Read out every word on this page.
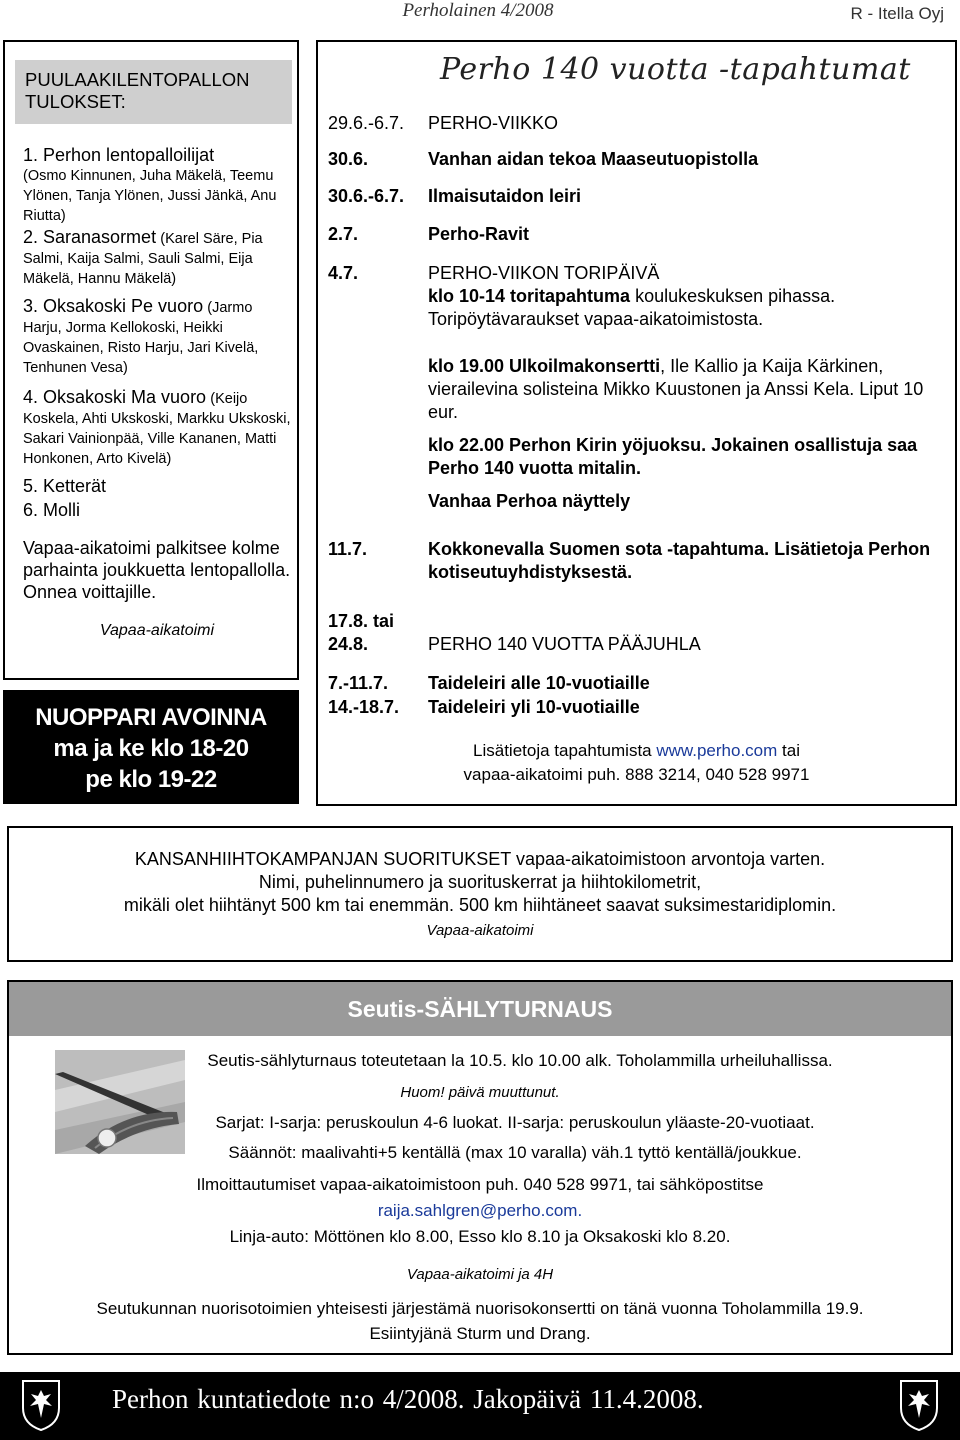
Perholainen 4/2008	R - Itella Oyj
PUULAAKILENTOPALLON TULOKSET:

1. Perhon lentopalloilijat
(Osmo Kinnunen, Juha Mäkelä, Teemu Ylönen, Tanja Ylönen, Jussi Jänkä, Anu Riutta)

2. Saranasormet (Karel Säre, Pia Salmi, Kaija Salmi, Sauli Salmi, Eija Mäkelä, Hannu Mäkelä)

3. Oksakoski Pe vuoro (Jarmo Harju, Jorma Kellokoski, Heikki Ovaskainen, Risto Harju, Jari Kivelä, Tenhunen Vesa)

4. Oksakoski Ma vuoro (Keijo Koskela, Ahti Ukskoski, Markku Ukskoski, Sakari Vainionpää, Ville Kananen, Matti Honkonen, Arto Kivelä)

5. Ketterät

6. Molli

Vapaa-aikatoimi palkitsee kolme parhainta joukkuetta lentopallolla. Onnea voittajille.

Vapaa-aikatoimi

NUOPPARI AVOINNA
ma ja ke klo 18-20
pe klo 19-22
Perho 140 vuotta -tapahtumat
29.6.-6.7.	PERHO-VIIKKO
30.6.	Vanhan aidan tekoa Maaseutuopistolla
30.6.-6.7.	Ilmaisutaidon leiri
2.7.	Perho-Ravit
4.7.	PERHO-VIIKON TORIPÄIVÄ
klo 10-14 toritapahtuma koulukeskuksen pihassa.
Toripöytävaraukset vapaa-aikatoimistosta.
klo 19.00 Ulkoilmakonsertti, Ile Kallio ja Kaija Kärkinen, vierailevina solisteina Mikko Kuustonen ja Anssi Kela. Liput 10 eur.
klo 22.00 Perhon Kirin yöjuoksu. Jokainen osallistuja saa Perho 140 vuotta mitalin.
Vanhaa Perhoa näyttely
11.7.	Kokkonevalla Suomen sota -tapahtuma. Lisätietoja Perhon kotiseutuyhdistyksestä.
17.8. tai
24.8.	PERHO 140 VUOTTA PÄÄJUHLA
7.-11.7.	Taideleiri alle 10-vuotiaille
14.-18.7.	Taideleiri yli 10-vuotiaille
Lisätietoja tapahtumista www.perho.com tai
vapaa-aikatoimi puh. 888 3214, 040 528 9971
KANSANHIIHTOKAMPANJAN SUORITUKSET vapaa-aikatoimistoon arvontoja varten.
Nimi, puhelinnumero ja suorituskerrat ja hiihtokilometrit,
mikäli olet hiihtänyt 500 km tai enemmän. 500 km hiihtäneet saavat suksimestaridiplomin.
Vapaa-aikatoimi
Seutis-SÄHLYTURNAUS
Seutis-sählyturnaus toteutetaan la 10.5. klo 10.00 alk. Toholammilla urheiluhallissa.
Huom! päivä muuttunut.
Sarjat: I-sarja: peruskoulun 4-6 luokat. II-sarja: peruskoulun yläaste-20-vuotiaat.
Säännöt: maalivahti+5 kentällä (max 10 varalla) väh.1 tyttö kentällä/joukkue.
Ilmoittautumiset vapaa-aikatoimistoon puh. 040 528 9971, tai sähköpostitse
raija.sahlgren@perho.com.
Linja-auto: Möttönen klo 8.00, Esso klo 8.10 ja Oksakoski klo 8.20.
Vapaa-aikatoimi ja 4H
Seutukunnan nuorisotoimien yhteisesti järjestämä nuorisokonsertti on tänä vuonna Toholammilla 19.9.
Esiintyjänä Sturm und Drang.
Perhon kuntatiedote n:o 4/2008. Jakopäivä 11.4.2008.
